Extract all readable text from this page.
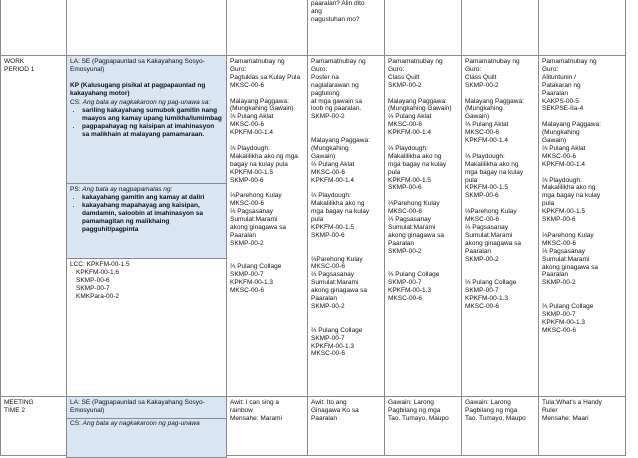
paaralan? Alin dito
ang
nagustuhan mo?
WORK
PERIOD 1
LA: SE (Pagpapaunlad sa Kakayahang Sosyo-Emosyunal)
KP (Kalusugang pisikal at pagpapaunlad ng kakayahang motor)
CS: Ang bata ay nagkakaroon ng pag-unawa sa:
• sariling kakayahang sumubok gamitin nang maayos ang kamay upang lumikha/lumimbag
• pagpapahayag ng kaisipan at imahinasyon sa malikhain at malayang pamamaraan.
PS: Ang bata ay nagpapamalas ng:
• kakayahang gamitin ang kamay at daliri
• kakayahang mapahayag ang kaisipan, damdamin, saloobin at imahinasyon sa pamamagitan ng malikhaing pagguhit/pagpinta
LCC: KPKFM-00-1.5
KPKFM-00-1.6
SKMP-00-6
SKMP-00-7
KMKPara-00-2
Pamamatnubay ng
Guro:
Pagtuklas sa Kulay Pula
MKSC-00-6
Malayang Paggawa:
(Mungkahing Gawain)
⅔ Pulang Aklat
MKSC-00-6
KPKFM-00-1.4
⅔ Playdough:
Makalilikha ako ng mga
bagay na kulay pula
KPKFM-00-1.5
SKMP-00-6
⅔Parehong Kulay
MKSC-00-6
⅔ Pagsasanay
Sumulat:Marami
akong ginagawa sa
Paaralan
SKMP-00-2
⅔ Pulang Collage
SKMP-00-7
KPKFM-00-1.3
MKSC-00-6
Pamamatnubay ng
Guro:
Poster na
naglalarawan ng
pagtulong
at mga gawain sa
loob ng paaralan.
SKMP-00-2
Malayang Paggawa:
(Mungkahing
Gawain)
⅔ Pulang Aklat
MKSC-00-6
KPKFM-00-1.4
⅔ Playdough:
Makalilikha ako ng
mga bagay na kulay
pula
KPKFM-00-1.5
SKMP-00-6
⅔Parehong Kulay
MKSC-00-6
⅔ Pagsasanay
Sumulat:Marami
akong ginagawa sa
Paaralan
SKMP-00-2
⅔ Pulang Collage
SKMP-00-7
KPKFM-00-1.3
MKSC-00-6
Pamamatnubay ng
Guro:
Class Quilt
SKMP-00-2
Malayang Paggawa:
(Mungkahing Gawain)
⅔ Pulang Aklat
MKSC-00-6
KPKFM-00-1.4
⅔ Playdough:
Makalilikha ako ng
mga bagay na kulay
pula
KPKFM-00-1.5
SKMP-00-6
⅔Parehong Kulay
MKSC-00-6
⅔ Pagsasanay
Sumulat:Marami
akong ginagawa sa
Paaralan
SKMP-00-2
⅔ Pulang Collage
SKMP-00-7
KPKFM-00-1.3
MKSC-00-6
Pamamatnubay ng
Guro:
Class Quilt
SKMP-00-2
Malayang Paggawa:
(Mungkahing
Gawain)
⅔ Pulang Aklat
MKSC-00-6
KPKFM-00-1.4
⅔ Playdough:
Makalilikha ako ng
mga bagay na kulay
pula
KPKFM-00-1.5
SKMP-00-6
⅔Parehong Kulay
MKSC-00-6
⅔ Pagsasanay
Sumulat:Marami
akong ginagawa sa
Paaralan
SKMP-00-2
⅔ Pulang Collage
SKMP-00-7
KPKFM-00-1.3
MKSC-00-6
Pamamatnubay ng
Guro:
Alituntunin /
Patakaran ng
Paaralan
KAKPS-00-5
SEKPSE-IIa-4
Malayang Paggawa:
(Mungkahing
Gawain)
⅔ Pulang Aklat
MKSC-00-6
KPKFM-00-1.4
⅔ Playdough:
Makalilikha ako ng
mga bagay na kulay
pula
KPKFM-00-1.5
SKMP-00-6
⅔Parehong Kulay
MKSC-00-6
⅔ Pagsasanay
Sumulat:Marami
akong ginagawa sa
Paaralan
SKMP-00-2
⅔ Pulang Collage
SKMP-00-7
KPKFM-00-1.3
MKSC-00-6
MEETING
TIME 2
LA: SE (Pagpapaunlad sa Kakayahang Sosyo-Emosyunal)
CS: Ang bata ay nagkakaroon ng pag-unawa
Awit: I can sing a
rainbow
Mensahe: Marami
Awit: Ito ang
Ginagawa Ko sa
Paaralan
Gawain: Larong
Pagbilang ng mga
Tao. Tumayo, Maupo
Gawain: Larong
Pagbilang ng mga
Tao. Tumayo, Maupo
Tula:What's a Handy
Ruler
Mensahe: Maari
